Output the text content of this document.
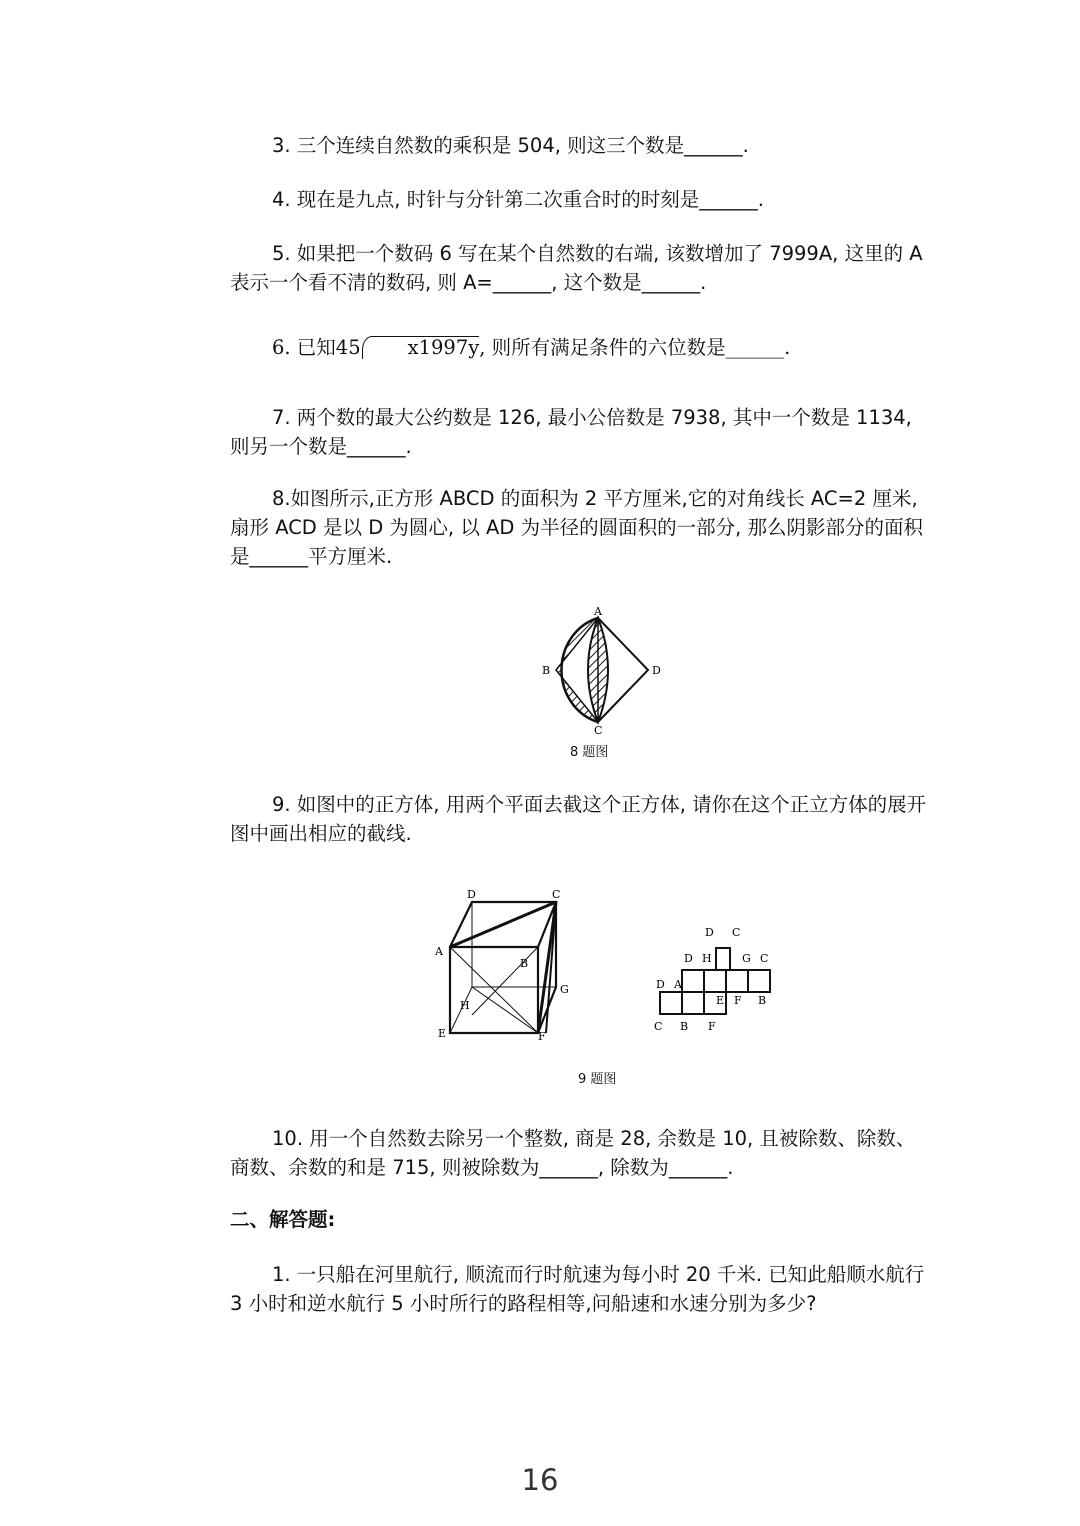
3. 三个连续自然数的乘积是 504, 则这三个数是______.

4. 现在是九点, 时针与分针第二次重合时的时刻是______.

5. 如果把一个数码 6 写在某个自然数的右端, 该数增加了 7999A, 这里的 A 表示一个看不清的数码, 则 A=______, 这个数是______.

6. 已知45 x1997y, 则所有满足条件的六位数是______.

7. 两个数的最大公约数是 126, 最小公倍数是 7938, 其中一个数是 1134, 则另一个数是______.

8.如图所示,正方形 ABCD 的面积为 2 平方厘米,它的对角线长 AC=2 厘米, 扇形 ACD 是以 D 为圆心, 以 AD 为半径的圆面积的一部分, 那么阴影部分的面积是______平方厘米.

A
B	D
C
8 题图

9. 如图中的正方体, 用两个平面去截这个正方体, 请你在这个正立方体的展开图中画出相应的截线.

D	C
A
B
G
H
E	F
D C
D H	G C
D A
E F B
C B F
9 题图

10. 用一个自然数去除另一个整数, 商是 28, 余数是 10, 且被除数、除数、商数、余数的和是 715, 则被除数为______, 除数为______.

二、解答题:

1. 一只船在河里航行, 顺流而行时航速为每小时 20 千米. 已知此船顺水航行 3 小时和逆水航行 5 小时所行的路程相等,问船速和水速分别为多少?

16
